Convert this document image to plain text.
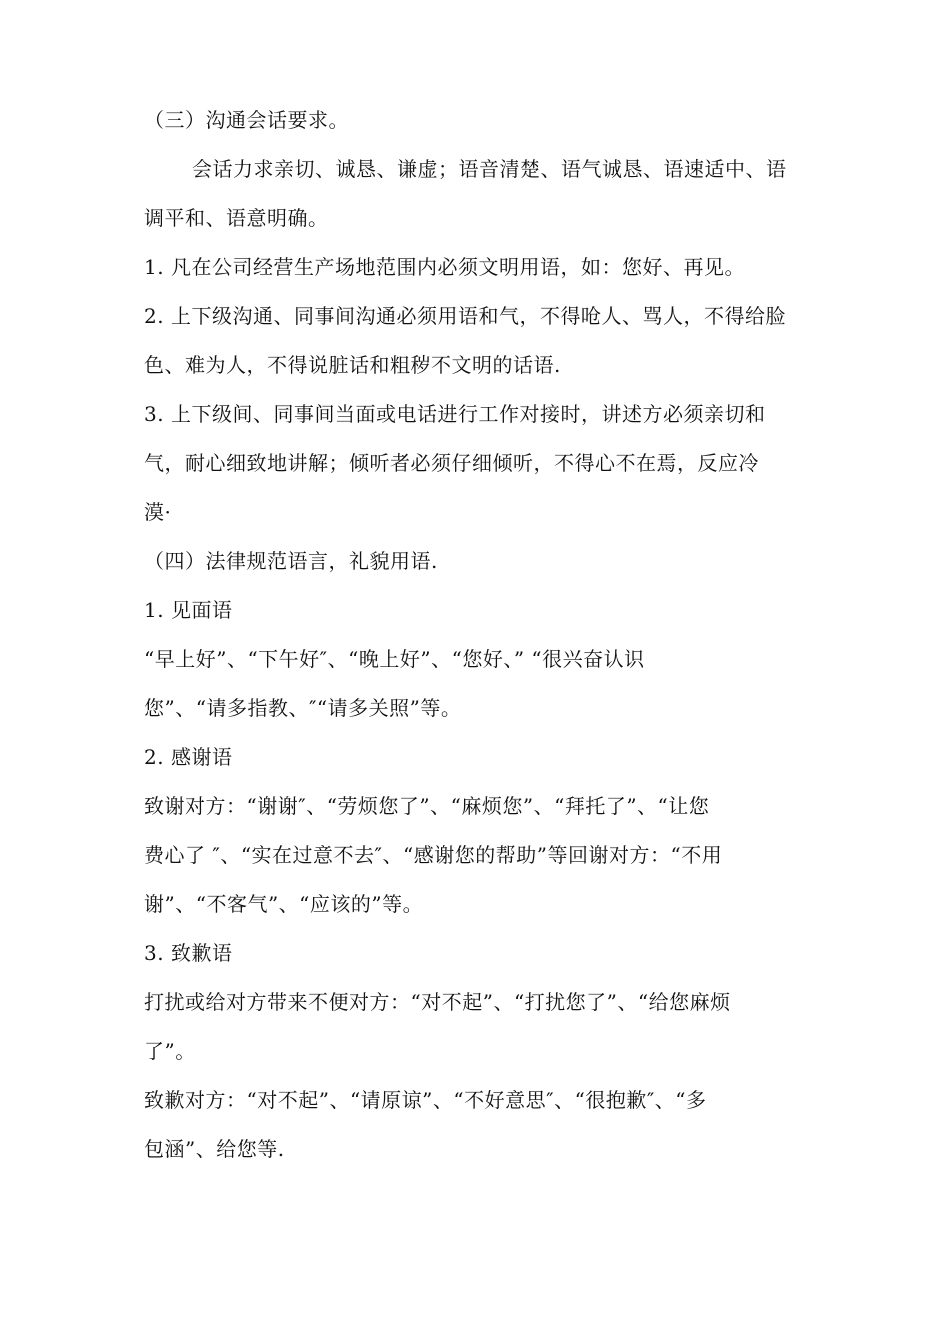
（三）沟通会话要求。
会话力求亲切、诚恳、谦虚；语音清楚、语气诚恳、语速适中、语
调平和、语意明确。
1. 凡在公司经营生产场地范围内必须文明用语，如：您好、再见。
2. 上下级沟通、同事间沟通必须用语和气，不得呛人、骂人，不得给脸
色、难为人，不得说脏话和粗秽不文明的话语.
3. 上下级间、同事间当面或电话进行工作对接时，讲述方必须亲切和
气，耐心细致地讲解；倾听者必须仔细倾听，不得心不在焉，反应冷
漠·
（四）法律规范语言，礼貌用语.
1. 见面语
“早上好”、“下午好″、“晚上好”、“您好、” “很兴奋认识
您”、“请多指教、″“请多关照”等。
2. 感谢语
致谢对方：“谢谢″、“劳烦您了”、“麻烦您”、“拜托了”、“让您
费心了 ″、“实在过意不去″、“感谢您的帮助”等回谢对方：“不用
谢”、“不客气”、“应该的”等。
3. 致歉语
打扰或给对方带来不便对方：“对不起”、“打扰您了”、“给您麻烦
了”。
致歉对方：“对不起”、“请原谅”、“不好意思″、“很抱歉″、“多
包涵”、给您等.
